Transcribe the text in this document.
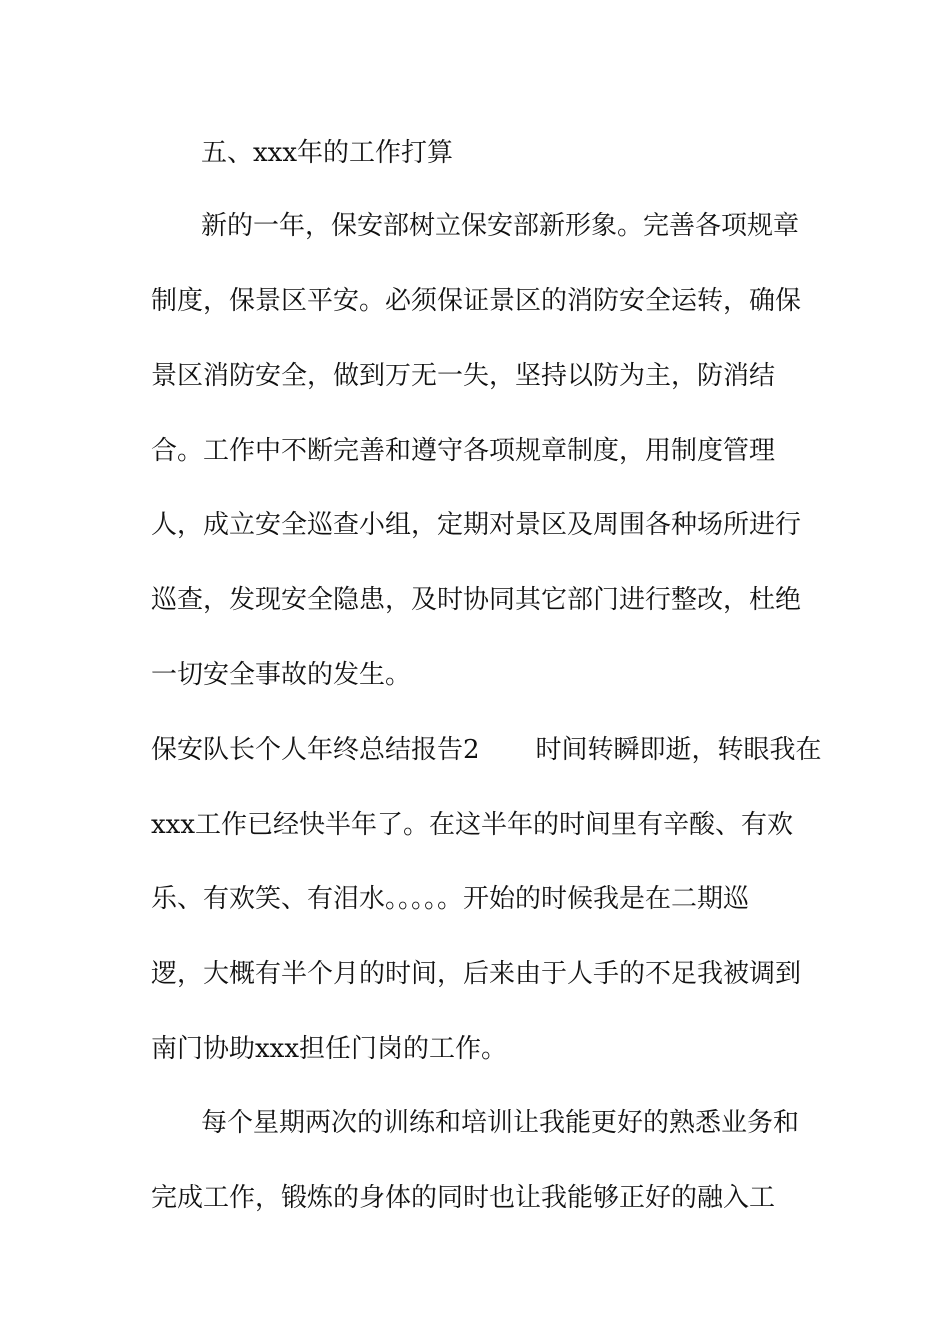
五、xxx年的工作打算
新的一年，保安部树立保安部新形象。完善各项规章
制度，保景区平安。必须保证景区的消防安全运转，确保
景区消防安全，做到万无一失，坚持以防为主，防消结
合。工作中不断完善和遵守各项规章制度，用制度管理
人，成立安全巡查小组，定期对景区及周围各种场所进行
巡查，发现安全隐患，及时协同其它部门进行整改，杜绝
一切安全事故的发生。
保安队长个人年终总结报告2 时间转瞬即逝，转眼我在
xxx工作已经快半年了。在这半年的时间里有辛酸、有欢
乐、有欢笑、有泪水。。。。。开始的时候我是在二期巡
逻，大概有半个月的时间，后来由于人手的不足我被调到
南门协助xxx担任门岗的工作。
每个星期两次的训练和培训让我能更好的熟悉业务和
完成工作，锻炼的身体的同时也让我能够正好的融入工
